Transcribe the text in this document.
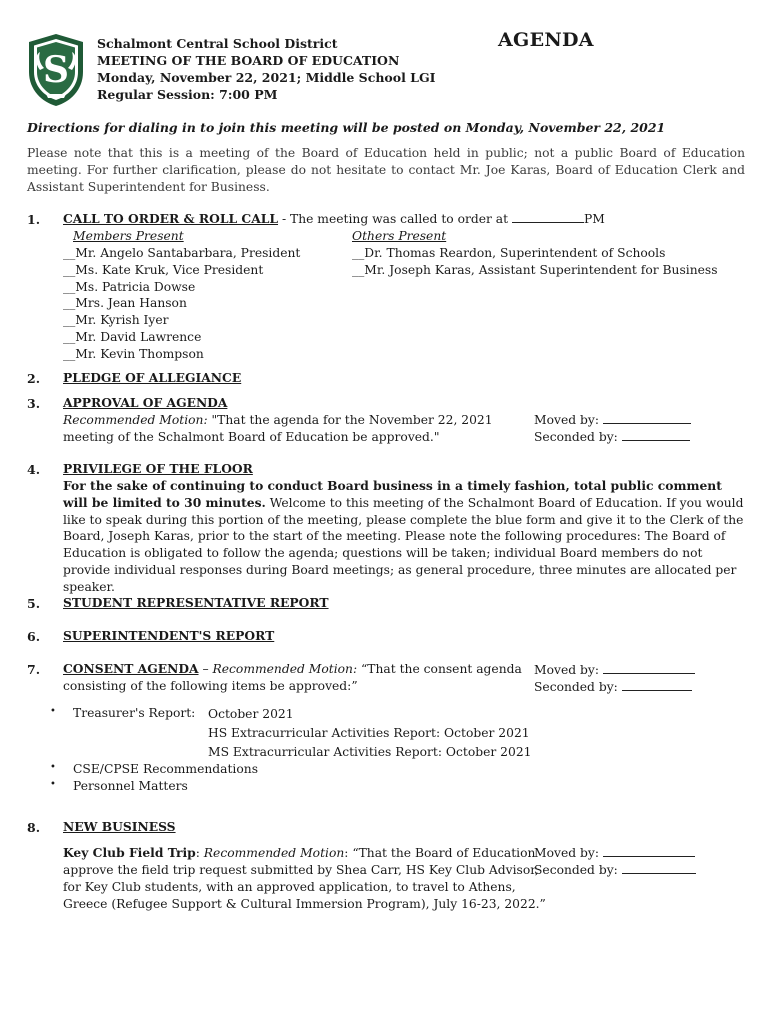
S
Schalmont Central School District
MEETING OF THE BOARD OF EDUCATION
Monday, November 22, 2021; Middle School LGI
Regular Session: 7:00 PM
AGENDA
Directions for dialing in to join this meeting will be posted on Monday, November 22, 2021
Please note that this is a meeting of the Board of Education held in public; not a public Board of Education meeting. For further clarification, please do not hesitate to contact Mr. Joe Karas, Board of Education Clerk and Assistant Superintendent for Business.
1. CALL TO ORDER & ROLL CALL - The meeting was called to order at	PM
Members Present
__Mr. Angelo Santabarbara, President
__Ms. Kate Kruk, Vice President
__Ms. Patricia Dowse
__Mrs. Jean Hanson
__Mr. Kyrish Iyer
__Mr. David Lawrence
__Mr. Kevin Thompson
Others Present
__Dr. Thomas Reardon, Superintendent of Schools
__Mr. Joseph Karas, Assistant Superintendent for Business
2. PLEDGE OF ALLEGIANCE
3. APPROVAL OF AGENDA
Recommended Motion: "That the agenda for the November 22, 2021
meeting of the Schalmont Board of Education be approved."
Moved by:
Seconded by:
4. PRIVILEGE OF THE FLOOR
For the sake of continuing to conduct Board business in a timely fashion, total public comment will be limited to 30 minutes. Welcome to this meeting of the Schalmont Board of Education. If you would like to speak during this portion of the meeting, please complete the blue form and give it to the Clerk of the Board, Joseph Karas, prior to the start of the meeting. Please note the following procedures: The Board of Education is obligated to follow the agenda; questions will be taken; individual Board members do not provide individual responses during Board meetings; as general procedure, three minutes are allocated per speaker.
5. STUDENT REPRESENTATIVE REPORT
6. SUPERINTENDENT'S REPORT
7. CONSENT AGENDA – Recommended Motion: “That the consent agenda
consisting of the following items be approved:”
Moved by:
Seconded by:
• Treasurer's Report: October 2021
HS Extracurricular Activities Report: October 2021
MS Extracurricular Activities Report: October 2021
• CSE/CPSE Recommendations
• Personnel Matters
8. NEW BUSINESS
Key Club Field Trip: Recommended Motion: “That the Board of Education
approve the field trip request submitted by Shea Carr, HS Key Club Advisor,
for Key Club students, with an approved application, to travel to Athens,
Greece (Refugee Support & Cultural Immersion Program), July 16-23, 2022.”
Moved by:
Seconded by:
